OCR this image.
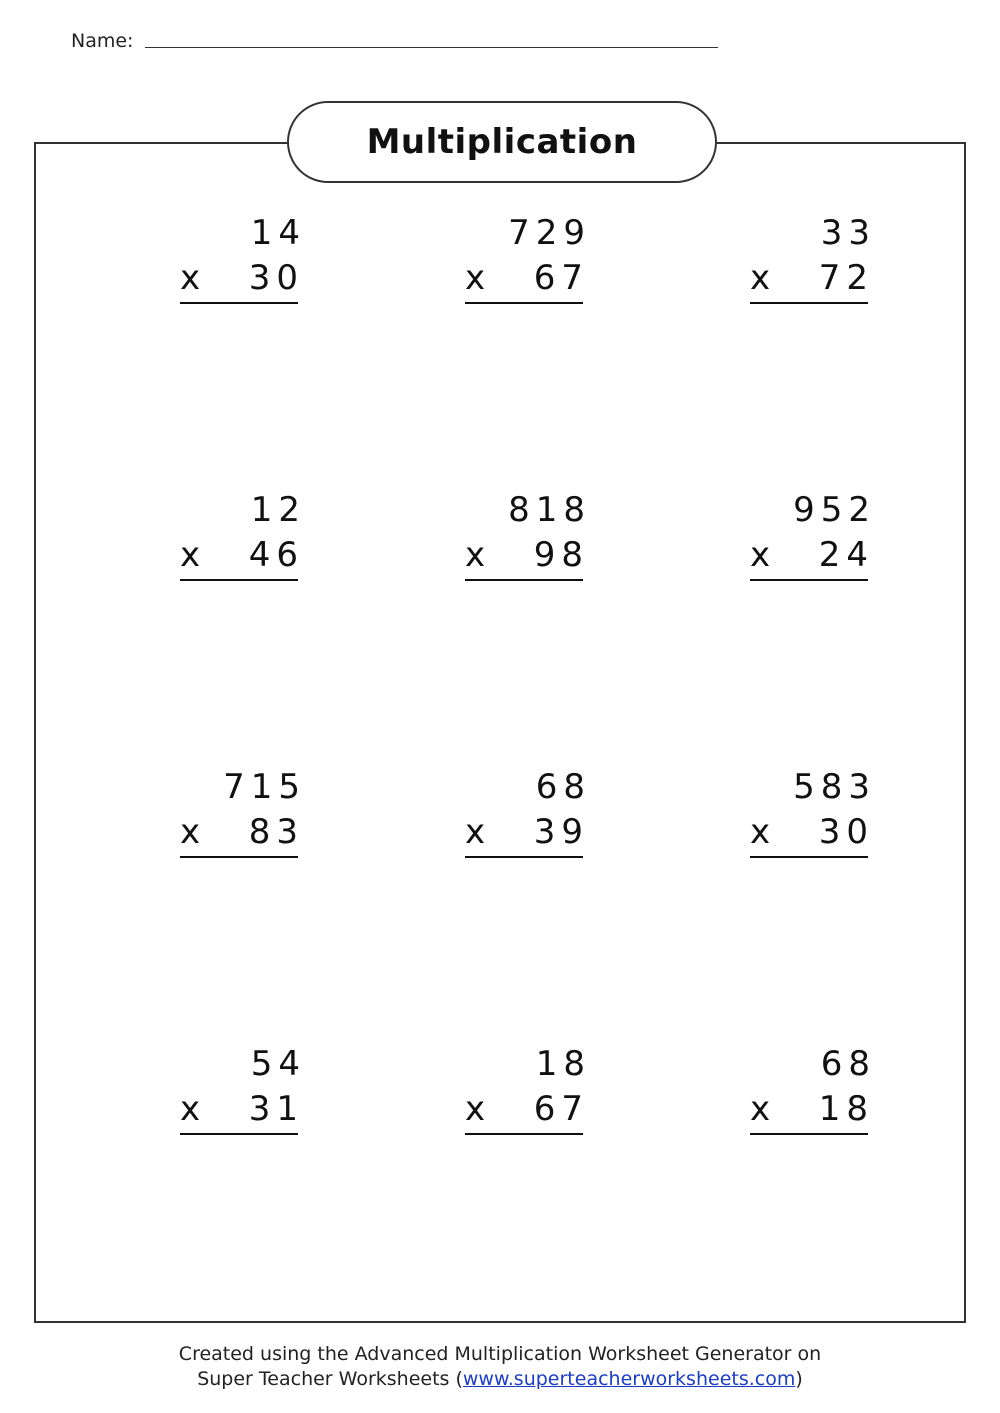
Name:
Multiplication
14
x 30
729
x 67
33
x 72
12
x 46
818
x 98
952
x 24
715
x 83
68
x 39
583
x 30
54
x 31
18
x 67
68
x 18
Created using the Advanced Multiplication Worksheet Generator on
Super Teacher Worksheets (www.superteacherworksheets.com)
